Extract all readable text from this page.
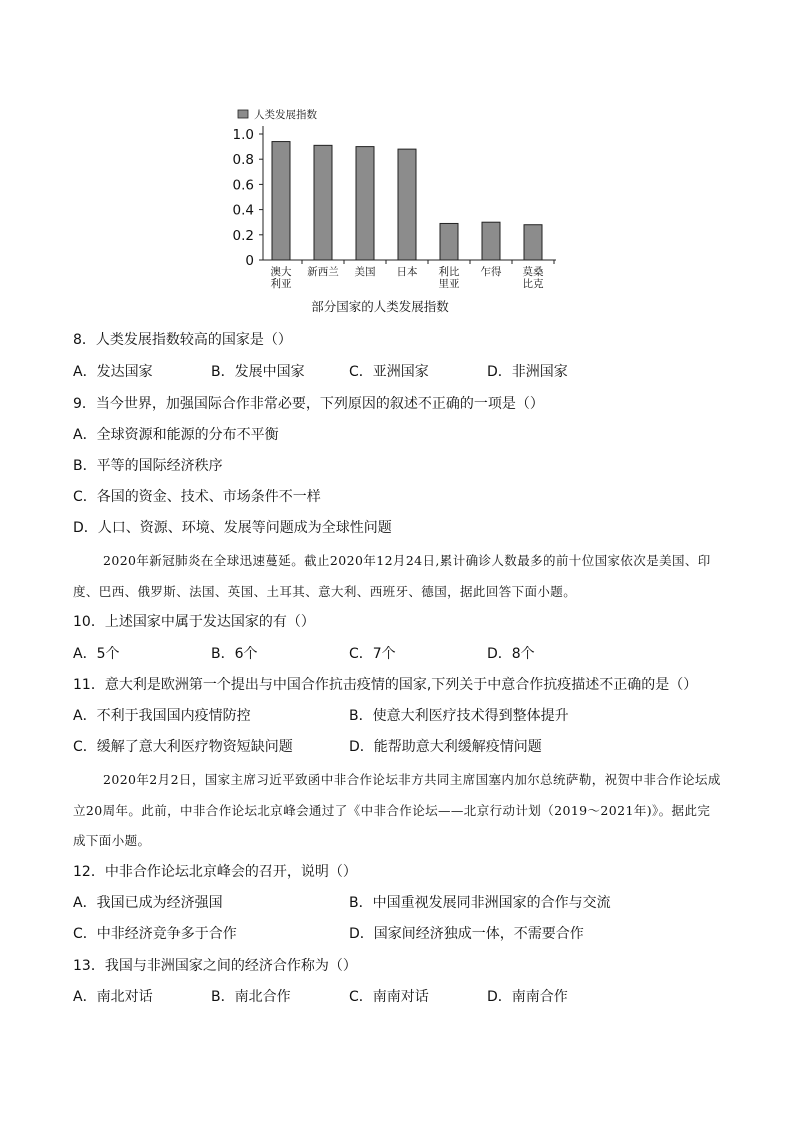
人类发展指数
部分国家的人类发展指数
0
0.2
0.4
0.6
0.8
1.0
澳大
利亚
新西兰 美国 日本 利比
里亚
乍得 莫桑
比克
8．人类发展指数较高的国家是（）
A．发达国家	B．发展中国家	C．亚洲国家	D．非洲国家
9．当今世界，加强国际合作非常必要，下列原因的叙述不正确的一项是（）
A．全球资源和能源的分布不平衡
B．平等的国际经济秩序
C．各国的资金、技术、市场条件不一样
D．人口、资源、环境、发展等问题成为全球性问题
2020年新冠肺炎在全球迅速蔓延。截止2020年12月24日,累计确诊人数最多的前十位国家依次是美国、印度、巴西、俄罗斯、法国、英国、土耳其、意大利、西班牙、德国，据此回答下面小题。
10．上述国家中属于发达国家的有（）
A．5个	B．6个	C．7个	D．8个
11．意大利是欧洲第一个提出与中国合作抗击疫情的国家,下列关于中意合作抗疫描述不正确的是（）
A．不利于我国国内疫情防控	B．使意大利医疗技术得到整体提升
C．缓解了意大利医疗物资短缺问题	D．能帮助意大利缓解疫情问题
2020年2月2日，国家主席习近平致函中非合作论坛非方共同主席国塞内加尔总统萨勒，祝贺中非合作论坛成立20周年。此前，中非合作论坛北京峰会通过了《中非合作论坛——北京行动计划（2019～2021年)》。据此完成下面小题。
12．中非合作论坛北京峰会的召开，说明（）
A．我国已成为经济强国	B．中国重视发展同非洲国家的合作与交流
C．中非经济竞争多于合作	D．国家间经济独成一体，不需要合作
13．我国与非洲国家之间的经济合作称为（）
A．南北对话	B．南北合作	C．南南对话	D．南南合作
